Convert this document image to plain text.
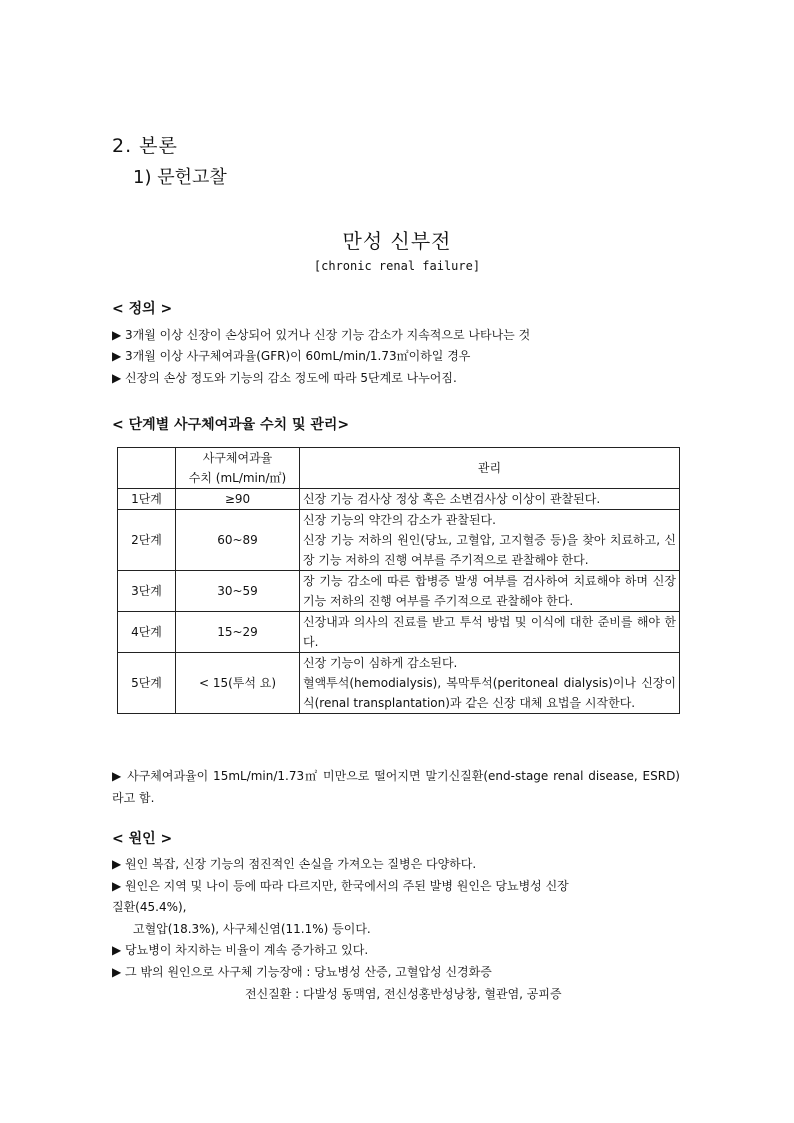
2. 본론
1) 문헌고찰
만성 신부전
[chronic renal failure]
< 정의 >
▶ 3개월 이상 신장이 손상되어 있거나 신장 기능 감소가 지속적으로 나타나는 것
▶ 3개월 이상 사구체여과율(GFR)이 60mL/min/1.73㎡이하일 경우
▶ 신장의 손상 정도와 기능의 감소 정도에 따라 5단계로 나누어짐.
< 단계별 사구체여과율 수치 및 관리>

	사구체여과율
수치 (mL/min/㎡)	관리
1단계	≥90	신장 기능 검사상 정상 혹은 소변검사상 이상이 관찰된다.

2단계	60~89	신장 기능의 약간의 감소가 관찰된다.
신장 기능 저하의 원인(당뇨, 고혈압, 고지혈증 등)을 찾아 치료하고, 신장 기능 저하의 진행 여부를 주기적으로 관찰해야 한다.

3단계	30~59	장 기능 감소에 따른 합병증 발생 여부를 검사하여 치료해야 하며 신장 기능 저하의 진행 여부를 주기적으로 관찰해야 한다.

4단계	15~29	신장내과 의사의 진료를 받고 투석 방법 및 이식에 대한 준비를 해야 한다.

5단계	< 15(투석 요)	신장 기능이 심하게 감소된다.
혈액투석(hemodialysis), 복막투석(peritoneal dialysis)이나 신장이식(renal transplantation)과 같은 신장 대체 요법을 시작한다.
▶ 사구체여과율이 15mL/min/1.73㎡ 미만으로 떨어지면 말기신질환(end-stage renal disease, ESRD)라고 함.
< 원인 >
▶ 원인 복잡, 신장 기능의 점진적인 손실을 가져오는 질병은 다양하다.
▶ 원인은 지역 및 나이 등에 따라 다르지만, 한국에서의 주된 발병 원인은 당뇨병성 신장
질환(45.4%),
고혈압(18.3%), 사구체신염(11.1%) 등이다.
▶ 당뇨병이 차지하는 비율이 계속 증가하고 있다.
▶ 그 밖의 원인으로 사구체 기능장애 : 당뇨병성 산증, 고혈압성 신경화증
전신질환 : 다발성 동맥염, 전신성홍반성낭창, 혈관염, 공피증
